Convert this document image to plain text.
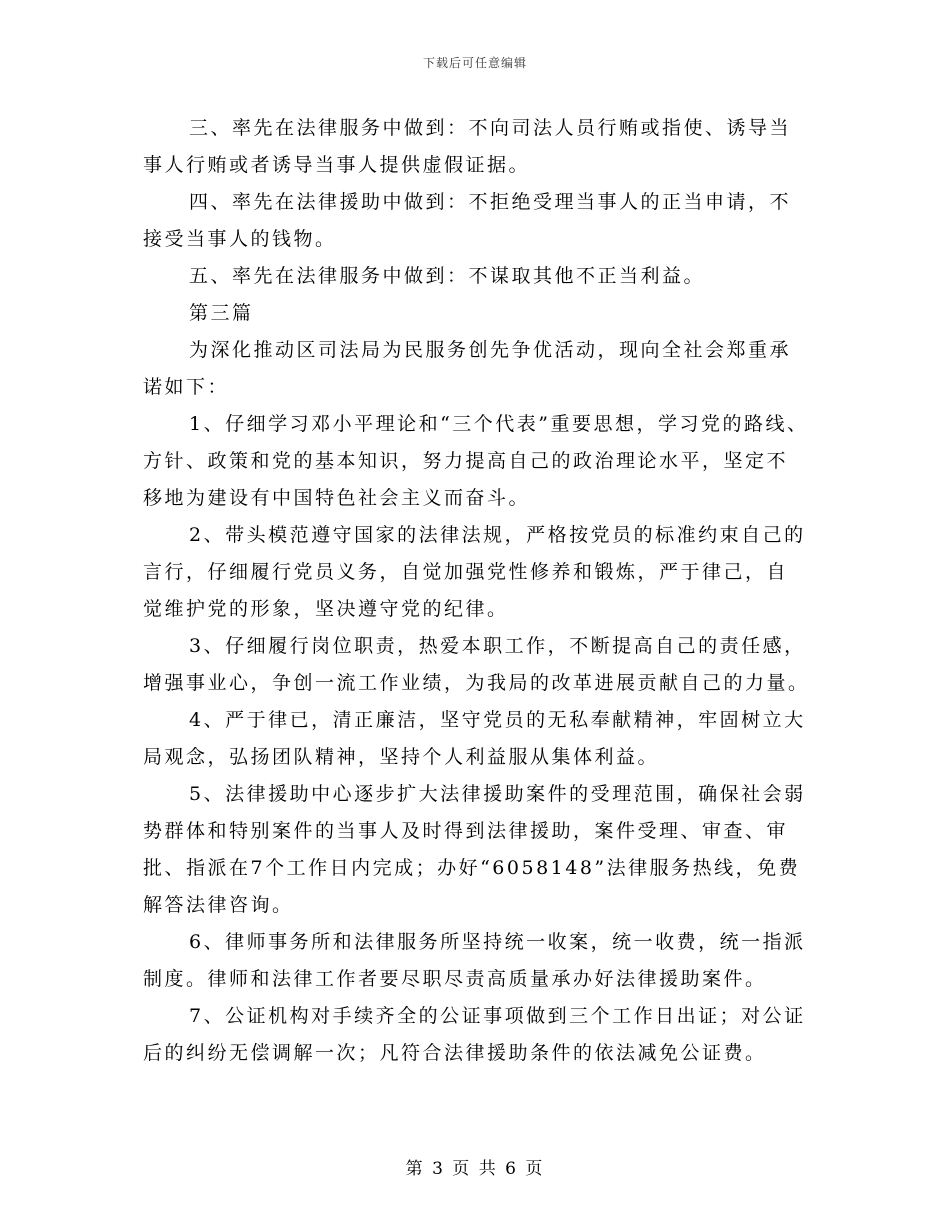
下载后可任意编辑

三、率先在法律服务中做到：不向司法人员行贿或指使、诱导当
事人行贿或者诱导当事人提供虚假证据。

四、率先在法律援助中做到：不拒绝受理当事人的正当申请，不
接受当事人的钱物。

五、率先在法律服务中做到：不谋取其他不正当利益。

第三篇

为深化推动区司法局为民服务创先争优活动，现向全社会郑重承
诺如下：

1、仔细学习邓小平理论和“三个代表”重要思想，学习党的路线、
方针、政策和党的基本知识，努力提高自己的政治理论水平，坚定不
移地为建设有中国特色社会主义而奋斗。

2、带头模范遵守国家的法律法规，严格按党员的标准约束自己的
言行，仔细履行党员义务，自觉加强党性修养和锻炼，严于律己，自
觉维护党的形象，坚决遵守党的纪律。

3、仔细履行岗位职责，热爱本职工作，不断提高自己的责任感，
增强事业心，争创一流工作业绩，为我局的改革进展贡献自己的力量。

4、严于律已，清正廉洁，坚守党员的无私奉献精神，牢固树立大
局观念，弘扬团队精神，坚持个人利益服从集体利益。

5、法律援助中心逐步扩大法律援助案件的受理范围，确保社会弱
势群体和特别案件的当事人及时得到法律援助，案件受理、审查、审
批、指派在7个工作日内完成；办好“6058148”法律服务热线，免费
解答法律咨询。

6、律师事务所和法律服务所坚持统一收案，统一收费，统一指派
制度。律师和法律工作者要尽职尽责高质量承办好法律援助案件。

7、公证机构对手续齐全的公证事项做到三个工作日出证；对公证
后的纠纷无偿调解一次；凡符合法律援助条件的依法减免公证费。

第 3 页 共 6 页
